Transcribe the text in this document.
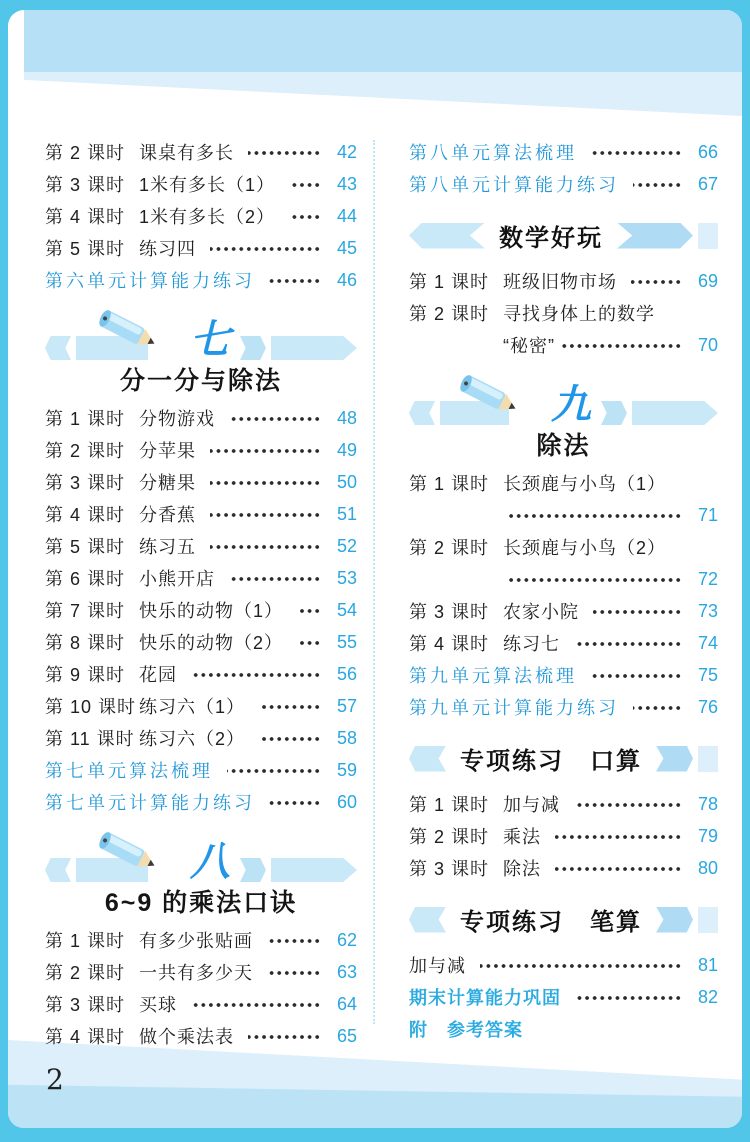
第 2 课时 课桌有多长	42
第 3 课时 1米有多长（1）	43
第 4 课时 1米有多长（2）	44
第 5 课时 练习四	45
第六单元计算能力练习	46
七
分一分与除法
第 1 课时 分物游戏	48
第 2 课时 分苹果	49
第 3 课时 分糖果	50
第 4 课时 分香蕉	51
第 5 课时 练习五	52
第 6 课时 小熊开店	53
第 7 课时 快乐的动物（1）	54
第 8 课时 快乐的动物（2）	55
第 9 课时 花园	56
第 10 课时 练习六（1）	57
第 11 课时 练习六（2）	58
第七单元算法梳理	59
第七单元计算能力练习	60
八
6~9 的乘法口诀
第 1 课时 有多少张贴画	62
第 2 课时 一共有多少天	63
第 3 课时 买球	64
第 4 课时 做个乘法表	65
第八单元算法梳理	66
第八单元计算能力练习	67
数学好玩
第 1 课时 班级旧物市场	69
第 2 课时 寻找身体上的数学
“秘密”	70
九
除法
第 1 课时 长颈鹿与小鸟（1）
71
第 2 课时 长颈鹿与小鸟（2）
72
第 3 课时 农家小院	73
第 4 课时 练习七	74
第九单元算法梳理	75
第九单元计算能力练习	76
专项练习　口算
第 1 课时 加与减	78
第 2 课时 乘法	79
第 3 课时 除法	80
专项练习　笔算
加与减	81
期末计算能力巩固	82
附　参考答案
2
